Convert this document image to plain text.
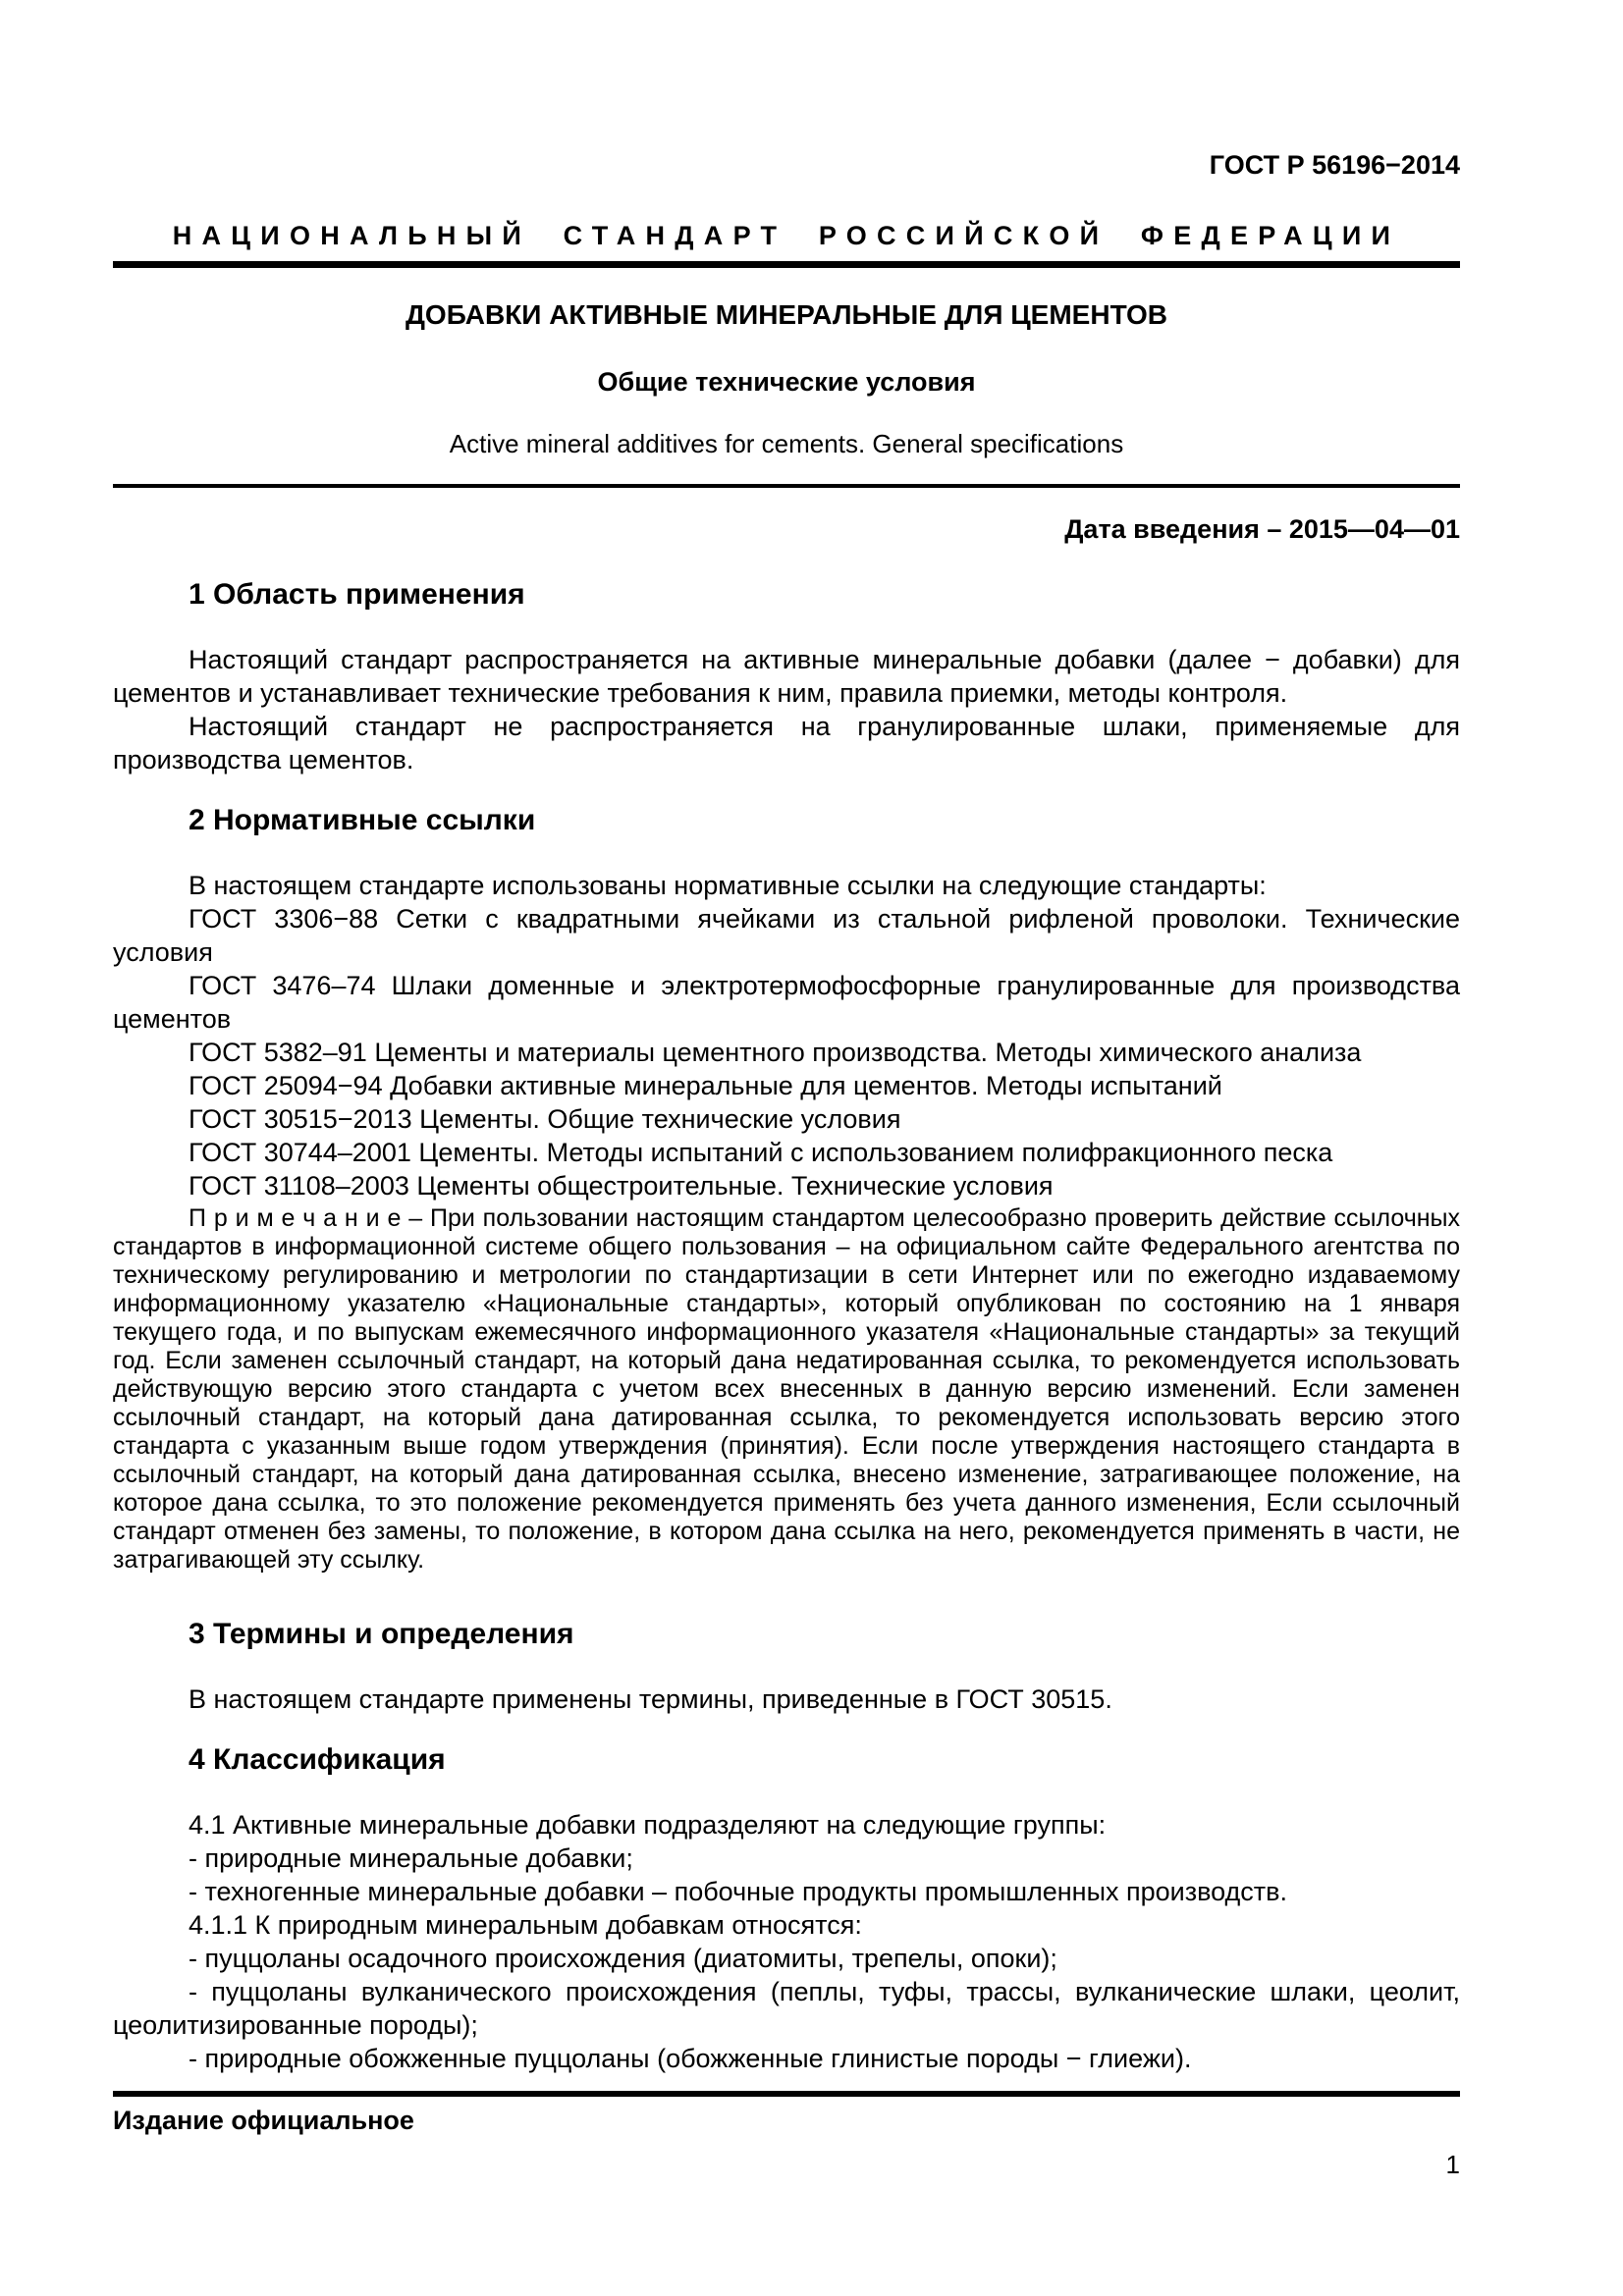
ГОСТ Р 56196−2014
НАЦИОНАЛЬНЫЙ СТАНДАРТ РОССИЙСКОЙ ФЕДЕРАЦИИ
ДОБАВКИ АКТИВНЫЕ МИНЕРАЛЬНЫЕ ДЛЯ ЦЕМЕНТОВ
Общие технические условия
Active mineral additives for cements. General specifications
Дата введения – 2015—04—01
1 Область применения

Настоящий стандарт распространяется на активные минеральные добавки (далее − добавки) для цементов и устанавливает технические требования к ним, правила приемки, методы контроля.

Настоящий стандарт не распространяется на гранулированные шлаки, применяемые для производства цементов.

2 Нормативные ссылки

В настоящем стандарте использованы нормативные ссылки на следующие стандарты:

ГОСТ 3306−88 Сетки с квадратными ячейками из стальной рифленой проволоки. Технические условия

ГОСТ 3476–74 Шлаки доменные и электротермофосфорные гранулированные для производства цементов

ГОСТ 5382–91 Цементы и материалы цементного производства. Методы химического анализа

ГОСТ 25094−94 Добавки активные минеральные для цементов. Методы испытаний

ГОСТ 30515−2013 Цементы. Общие технические условия

ГОСТ 30744–2001 Цементы. Методы испытаний с использованием полифракционного песка

ГОСТ 31108–2003 Цементы общестроительные. Технические условия

П р и м е ч а н и е – При пользовании настоящим стандартом целесообразно проверить действие ссылочных стандартов в информационной системе общего пользования – на официальном сайте Федерального агентства по техническому регулированию и метрологии по стандартизации в сети Интернет или по ежегодно издаваемому информационному указателю «Национальные стандарты», который опубликован по состоянию на 1 января текущего года, и по выпускам ежемесячного информационного указателя «Национальные стандарты» за текущий год. Если заменен ссылочный стандарт, на который дана недатированная ссылка, то рекомендуется использовать действующую версию этого стандарта с учетом всех внесенных в данную версию изменений. Если заменен ссылочный стандарт, на который дана датированная ссылка, то рекомендуется использовать версию этого стандарта с указанным выше годом утверждения (принятия). Если после утверждения настоящего стандарта в ссылочный стандарт, на который дана датированная ссылка, внесено изменение, затрагивающее положение, на которое дана ссылка, то это положение рекомендуется применять без учета данного изменения, Если ссылочный стандарт отменен без замены, то положение, в котором дана ссылка на него, рекомендуется применять в части, не затрагивающей эту ссылку.

3 Термины и определения

В настоящем стандарте применены термины, приведенные в ГОСТ 30515.

4 Классификация

4.1 Активные минеральные добавки подразделяют на следующие группы:

- природные минеральные добавки;

- техногенные минеральные добавки – побочные продукты промышленных производств.

4.1.1 К природным минеральным добавкам относятся:

- пуццоланы осадочного происхождения (диатомиты, трепелы, опоки);

- пуццоланы вулканического происхождения (пеплы, туфы, трассы, вулканические шлаки, цеолит, цеолитизированные породы);

- природные обожженные пуццоланы (обожженные глинистые породы − глиежи).

Издание официальное
1
